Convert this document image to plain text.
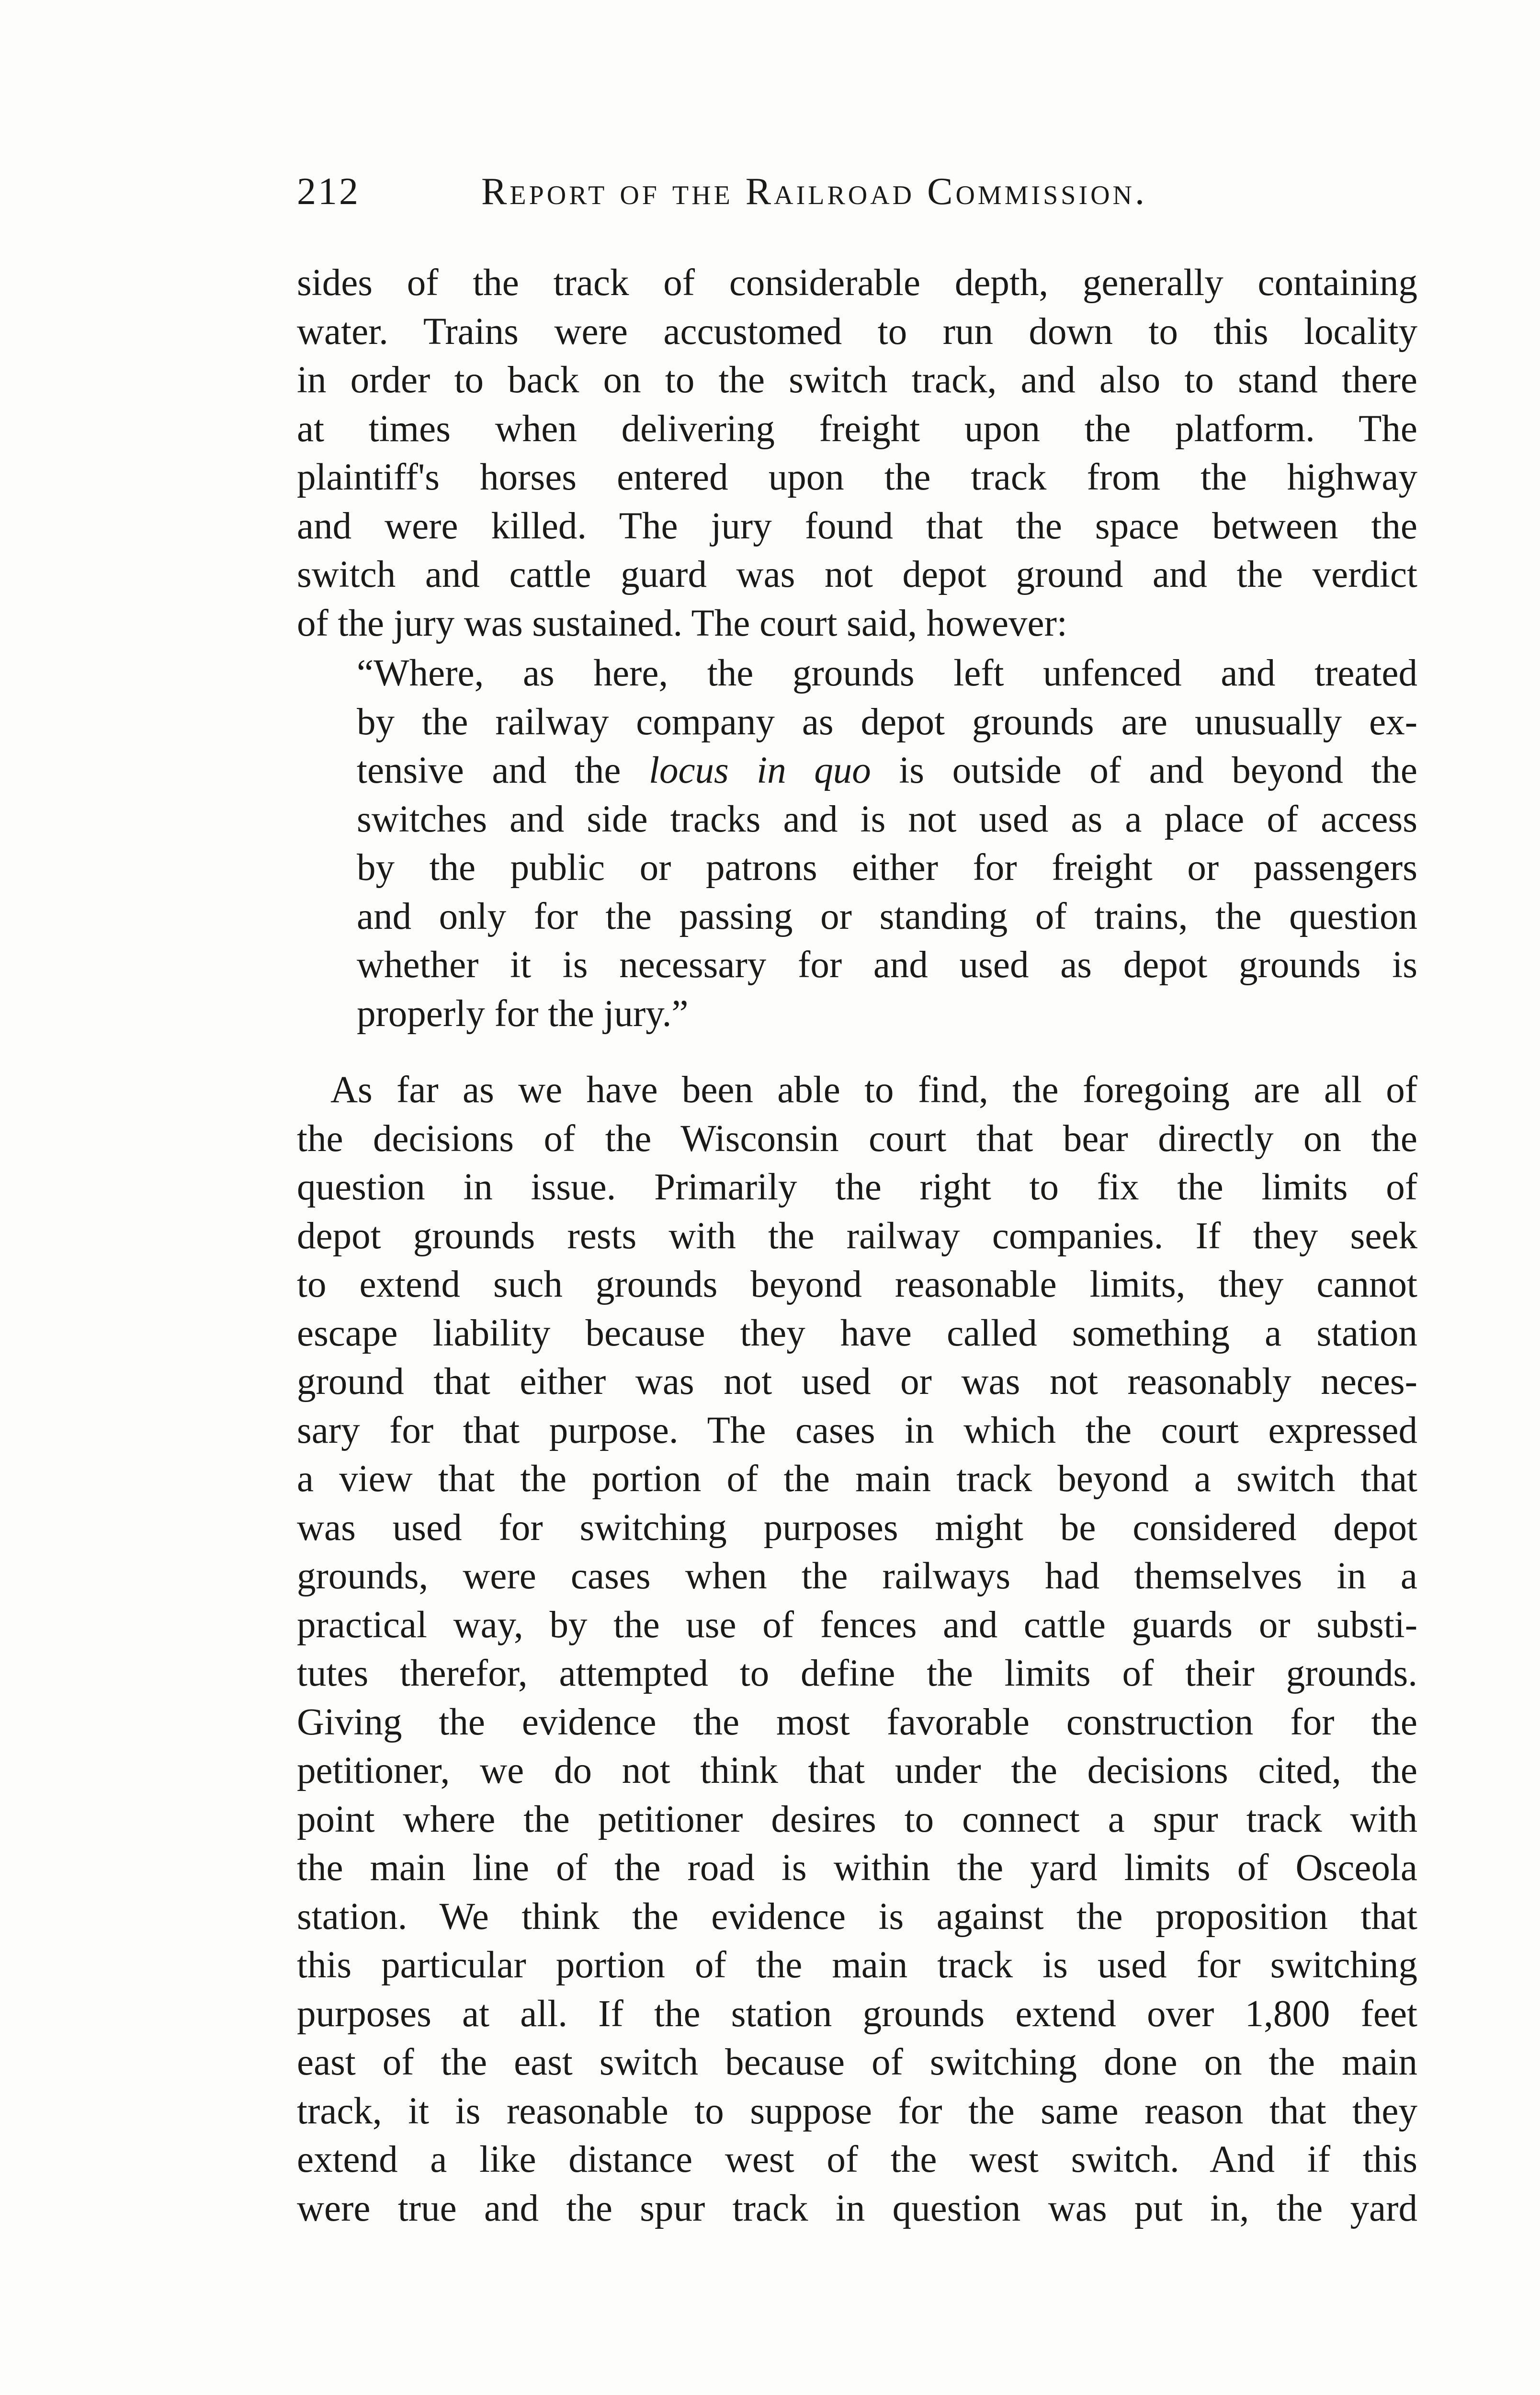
212	Report of the Railroad Commission.
sides of the track of considerable depth, generally containing
water. Trains were accustomed to run down to this locality
in order to back on to the switch track, and also to stand there
at times when delivering freight upon the platform. The
plaintiff's horses entered upon the track from the highway
and were killed. The jury found that the space between the
switch and cattle guard was not depot ground and the verdict
of the jury was sustained. The court said, however:
“Where, as here, the grounds left unfenced and treated
by the railway company as depot grounds are unusually ex-
tensive and the locus in quo is outside of and beyond the
switches and side tracks and is not used as a place of access
by the public or patrons either for freight or passengers
and only for the passing or standing of trains, the question
whether it is necessary for and used as depot grounds is
properly for the jury.”
As far as we have been able to find, the foregoing are all of
the decisions of the Wisconsin court that bear directly on the
question in issue. Primarily the right to fix the limits of
depot grounds rests with the railway companies. If they seek
to extend such grounds beyond reasonable limits, they cannot
escape liability because they have called something a station
ground that either was not used or was not reasonably neces-
sary for that purpose. The cases in which the court expressed
a view that the portion of the main track beyond a switch that
was used for switching purposes might be considered depot
grounds, were cases when the railways had themselves in a
practical way, by the use of fences and cattle guards or substi-
tutes therefor, attempted to define the limits of their grounds.
Giving the evidence the most favorable construction for the
petitioner, we do not think that under the decisions cited, the
point where the petitioner desires to connect a spur track with
the main line of the road is within the yard limits of Osceola
station. We think the evidence is against the proposition that
this particular portion of the main track is used for switching
purposes at all. If the station grounds extend over 1,800 feet
east of the east switch because of switching done on the main
track, it is reasonable to suppose for the same reason that they
extend a like distance west of the west switch. And if this
were true and the spur track in question was put in, the yard
